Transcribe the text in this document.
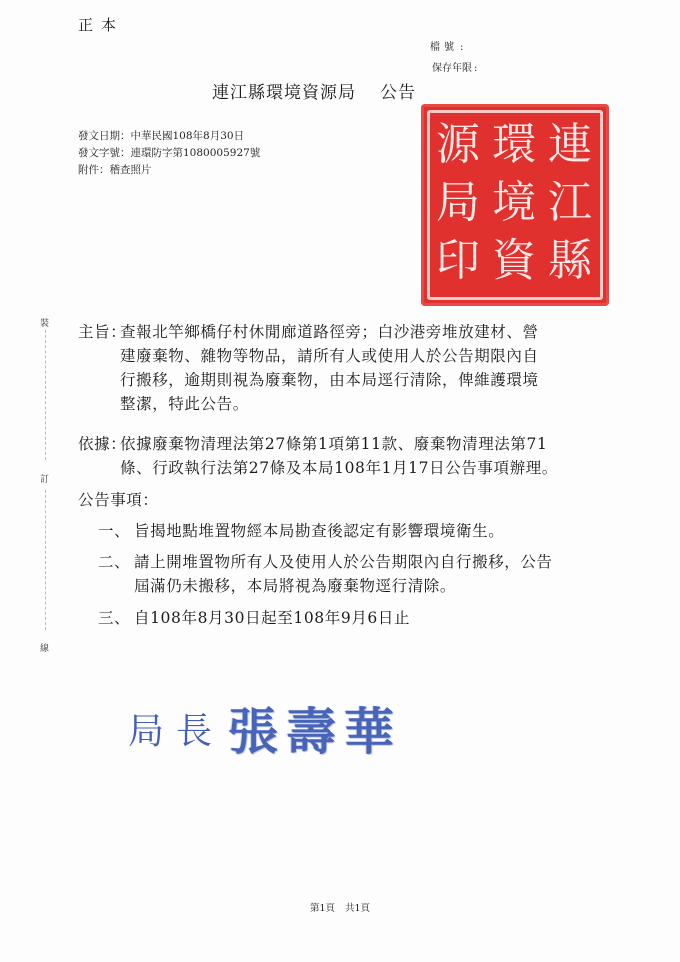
正本
檔號 :
保存年限 :
連江縣環境資源局 公告
發文日期：中華民國108年8月30日
發文字號：連環防字第1080005927號
附件：稽查照片	連
江
縣
環
境
資
源
局
印
裝
訂
線
主旨：
查報北竿鄉橋仔村休閒廊道路徑旁；白沙港旁堆放建材、營
建廢棄物、雜物等物品，請所有人或使用人於公告期限內自
行搬移，逾期則視為廢棄物，由本局逕行清除，俾維護環境
整潔，特此公告。
依據：
依據廢棄物清理法第27條第1項第11款、廢棄物清理法第71
條、行政執行法第27條及本局108年1月17日公告事項辦理。
公告事項：
一、 旨揭地點堆置物經本局勘查後認定有影響環境衛生。
二、 請上開堆置物所有人及使用人於公告期限內自行搬移，公告
屆滿仍未搬移，本局將視為廢棄物逕行清除。
三、 自108年8月30日起至108年9月6日止
局長張壽華
第1頁 共1頁
